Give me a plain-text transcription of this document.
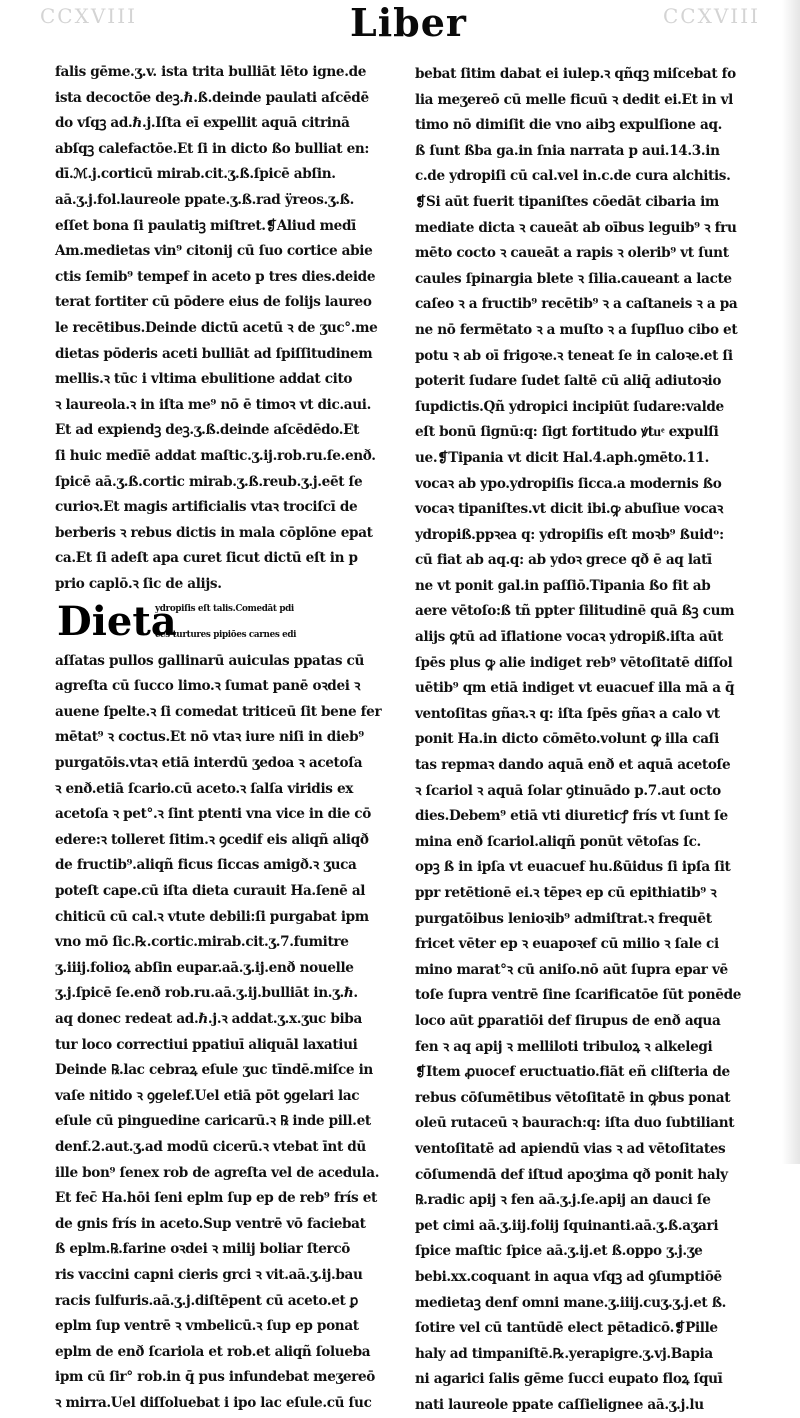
CCXVIII	CCXVIII
Liber
falis gēme.ʒ.v. ista trita bulliāt lēto igne.de
ista decoctōe deꝫ.ℏ.ß.deinde paulati aſcēdē
do vſqꝫ ad.ℏ.j.Iſta eī expellit aquā citrinā
abſqꝫ calefactōe.Et ſi in dicto ßo bulliat en:
dī.ℳ.j.corticū mirab.cit.ʒ.ß.ſpicē abſin.
aā.ʒ.j.fol.laureole ppate.ʒ.ß.rad ÿreos.ʒ.ß.
eſſet bona ſi paulatiꝫ miſtret.❡Aliud medī
Am.medietas vin⁹ citonij cū ſuo cortice abie
ctis ſemib⁹ tempef in aceto p tres dies.deide
terat fortiter cū pōdere eius de folijs laureo
le recētibus.Deinde dictū acetū ꝛ de ʒuc°.me
dietas pōderis aceti bulliāt ad ſpiſſitudinem
mellis.ꝛ tūc i vltima ebulitione addat cito
ꝛ laureola.ꝛ in iſta me⁹ nō ē timoꝛ vt dic.aui.
Et ad expiendꝫ deꝫ.ʒ.ß.deinde aſcēdēdo.Et
ſi huic medīē addat maſtic.ʒ.ij.rob.ru.ſe.enð.
ſpicē aā.ʒ.ß.cortic mirab.ʒ.ß.reub.ʒ.j.eēt ſe
curioꝛ.Et magis artificialis vtaꝛ trociſcī de
berberis ꝛ rebus dictis in mala cōplōne epat
ca.Et ſi adeſt apa curet ſicut dictū eſt in p
prio caplō.ꝛ ſic de alijs.
Dieta
ydropiſis eſt talis.Comedāt pdi
ces turtures pipiōes carnes edi
aſſatas pullos gallinarū auiculas ppatas cū
agreſta cū ſucco limo.ꝛ ſumat panē oꝛdei ꝛ
auene ſpelte.ꝛ ſi comedat triticeū ſit bene fer
mētat⁹ ꝛ coctus.Et nō vtaꝛ iure niſi in dieb⁹
purgatōis.vtaꝛ etiā interdū ʒedoa ꝛ acetoſa
ꝛ enð.etiā ſcario.cū aceto.ꝛ ſalſa viridis ex
acetoſa ꝛ pet°.ꝛ ſint ptenti vna vice in die cō
edere:ꝛ tolleret ſitim.ꝛ ꝯcedif eis aliqñ aliqð
de fructib⁹.aliqñ ficus ſiccas amigð.ꝛ ʒuca
poteſt cape.cū iſta dieta curauit Ha.ſenē al
chiticū cū cal.ꝛ vtute debili:ſi purgabat ipm
vno mō ſic.℞.cortic.mirab.cit.ʒ.7.fumitre
ʒ.iiij.folioꝝ abſin eupar.aā.ʒ.ij.enð nouelle
ʒ.j.ſpicē ſe.enð rob.ru.aā.ʒ.ij.bulliāt in.ʒ.ℏ.
aq donec redeat ad.ℏ.j.ꝛ addat.ʒ.x.ʒuc biba
tur loco correctiui ppatiuī aliquāl laxatiui
Deinde ℞.lac cebraꝝ eſule ʒuc tīndē.miſce in
vaſe nitido ꝛ ꝯgelef.Uel etiā pōt ꝯgelari lac
eſule cū pinguedine caricarū.ꝛ ℞ inde pill.et
denf.2.aut.ʒ.ad modū cicerū.ꝛ vtebat īnt dū
ille bon⁹ ſenex rob de agreſta vel de acedula.
Et fec̄ Ha.hōi ſeni eplm ſup ep de reb⁹ frís et
de gnis frís in aceto.Sup ventrē vō faciebat
ß eplm.℞.farine oꝛdei ꝛ milij boliar ſtercō
ris vaccini capni cieris grci ꝛ vit.aā.ʒ.ij.bau
racis ſulfuris.aā.ʒ.j.diſtēpent cū aceto.et ꝑ
eplm ſup ventrē ꝛ vmbelicū.ꝛ ſup ep ponat
eplm de enð ſcariola et rob.et aliqñ ſolueba
ipm cū ſir° rob.in q̄ pus infundebat meʒereō
ꝛ mirra.Uel diſſoluebat i ipo lac eſule.cū ſuc
bebat ſitim dabat ei iulep.ꝛ qñqꝫ miſcebat fo
lia meʒereō cū melle ficuū ꝛ dedit ei.Et in vl
timo nō dimiſit die vno aibꝫ expulſione aq.
ß ſunt ßba ga.in ſnia narrata p aui.14.3.in
c.de ydropiſi cū cal.vel in.c.de cura alchitis.
❡Si aūt fuerit tipaniſtes cōedāt cibaria im
mediate dicta ꝛ caueāt ab oībus leguib⁹ ꝛ fru
mēto cocto ꝛ caueāt a rapis ꝛ olerib⁹ vt ſunt
caules ſpinargia blete ꝛ ſilia.caueant a lacte
caſeo ꝛ a fructib⁹ recētib⁹ ꝛ a caſtaneis ꝛ a pa
ne nō fermētato ꝛ a muſto ꝛ a ſupſluo cibo et
potu ꝛ ab oī frigoꝛe.ꝛ teneat ſe in caloꝛe.et ſi
poterit ſudare ſudet ſaltē cū aliq̄ adiutoꝛio
ſupdictis.Qñ ydropici incipiūt ſudare:valde
eſt bonū ſignū:q: ſigt fortitudo ꝟtuͤ expulſi
ue.❡Tipania vt dicit Hal.4.aph.ꝯmēto.11.
vocaꝛ ab ypo.ydropiſis ſicca.a modernis ßo
vocaꝛ tipaniſtes.vt dicit ibi.ꝙ abuſiue vocaꝛ
ydropiß.ppꝛea q: ydropiſis eſt moꝛb⁹ ßuidᵒ:
cū fiat ab aq.q: ab ydoꝛ grece qð ē aq latī
ne vt ponit gal.in paſſiō.Tipania ßo fit ab
aere vētoſo:ß tñ ppter ſilitudinē quā ßꝫ cum
alijs ꝙtū ad īflatione vocaꝛ ydropiß.iſta aūt
ſpēs plus ꝙ alie indiget reb⁹ vētoſitatē diſſol
uētib⁹ qm etiā indiget vt euacuef illa mā a q̄
ventoſitas gñaꝛ.ꝛ q: iſta ſpēs gñaꝛ a calo vt
ponit Ha.in dicto cōmēto.volunt ꝙ illa caſi
tas repmaꝛ dando aquā enð et aquā acetoſe
ꝛ ſcariol ꝛ aquā ſolar ꝯtinuādo p.7.aut octo
dies.Debem⁹ etiā vti diureticꝭ frís vt ſunt ſe
mina enð ſcariol.aliqñ ponūt vētoſas ſc.
opꝫ ß in ipſa vt euacuef hu.ßūidus ſi ipſa ſit
ppr retētionē ei.ꝛ tēpeꝛ ep cū epithiatib⁹ ꝛ
purgatōibus lenioꝛib⁹ admiſtrat.ꝛ frequēt
fricet vēter ep ꝛ euapoꝛef cū milio ꝛ ſale ci
mino marat°ꝛ cū aniſo.nō aūt ſupra epar vē
toſe ſupra ventrē ſine ſcarificatōe ſūt ponēde
loco aūt ꝑparatiōi def ſirupus de enð aqua
fen ꝛ aq apij ꝛ melliloti tribuloꝝ ꝛ alkelegi
❡Item ꝓuocef eructuatio.fiāt eñ cliſteria de
rebus cōſumētibus vētoſitatē in ꝙbus ponat
oleū rutaceū ꝛ baurach:q: iſta duo ſubtiliant
ventoſitatē ad apiendū vias ꝛ ad vētoſitates
cōſumendā def iſtud apoʒima qð ponit haly
℞.radic apij ꝛ fen aā.ʒ.j.ſe.apij an dauci ſe
pet cimi aā.ʒ.iij.folij ſquinanti.aā.ʒ.ß.aʒari
ſpice maſtic ſpice aā.ʒ.ij.et ß.oppo ʒ.j.ʒe
bebi.xx.coquant in aqua vſqꝫ ad ꝯſumptiōē
medietaꝫ denf omni mane.ʒ.iiij.cuʒ.ʒ.j.et ß.
ſotire vel cū tantūdē elect pētadicō.❡Pille
haly ad timpaniſtē.℞.yerapigre.ʒ.vj.Bapia
ni agarici ſalis gēme ſucci eupato floꝝ ſquī
nati laureole ppate caſſielignee aā.ʒ.j.lu
